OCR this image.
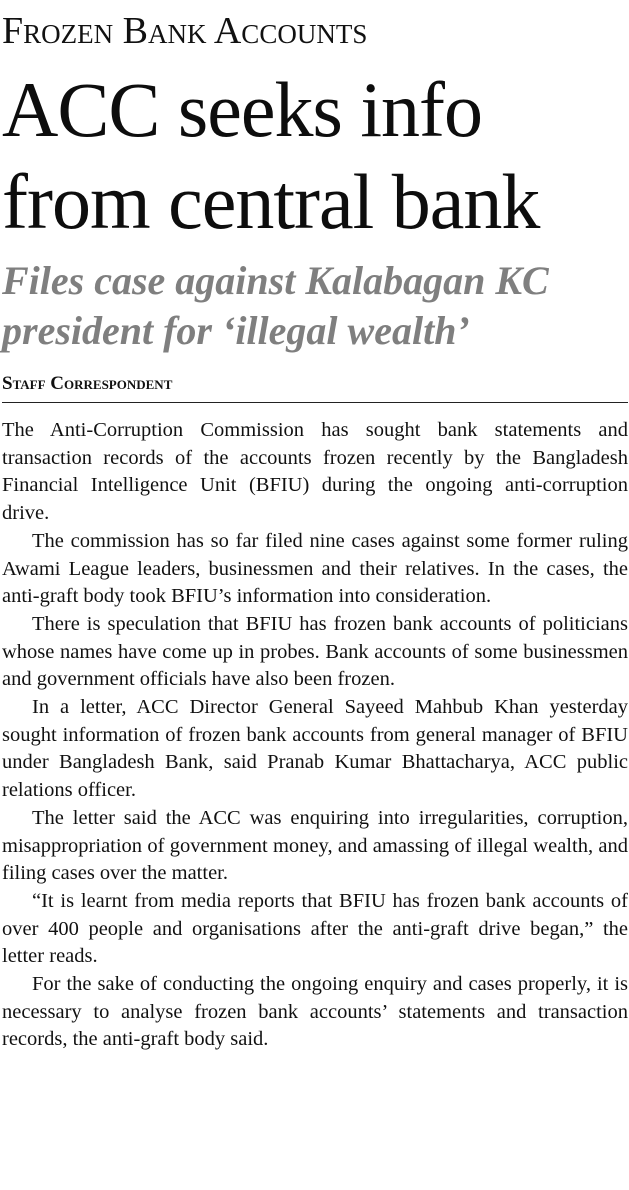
Frozen Bank Accounts
ACC seeks info from central bank
Files case against Kalabagan KC president for ‘illegal wealth’
Staff Correspondent

The Anti-Corruption Commission has sought bank statements and transaction records of the accounts frozen recently by the Bangladesh Financial Intelligence Unit (BFIU) during the ongoing anti-corruption drive.

The commission has so far filed nine cases against some former ruling Awami League leaders, businessmen and their relatives. In the cases, the anti-graft body took BFIU’s information into consideration.

There is speculation that BFIU has frozen bank accounts of politicians whose names have come up in probes. Bank accounts of some businessmen and government officials have also been frozen.

In a letter, ACC Director General Sayeed Mahbub Khan yesterday sought information of frozen bank accounts from general manager of BFIU under Bangladesh Bank, said Pranab Kumar Bhattacharya, ACC public relations officer.

The letter said the ACC was enquiring into irregularities, corruption, misappropriation of government money, and amassing of illegal wealth, and filing cases over the matter.

“It is learnt from media reports that BFIU has frozen bank accounts of over 400 people and organisations after the anti-graft drive began,” the letter reads.

For the sake of conducting the ongoing enquiry and cases properly, it is necessary to analyse frozen bank accounts’ statements and transaction records, the anti-graft body said.
